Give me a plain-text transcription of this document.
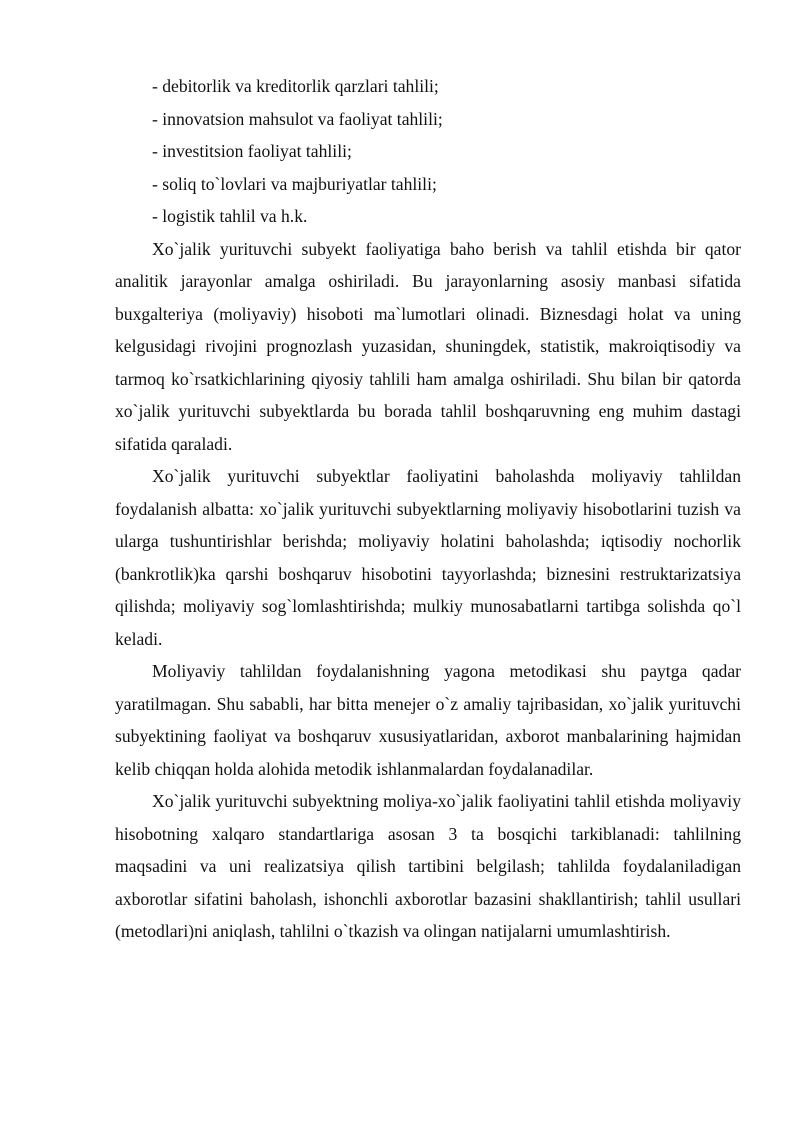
- debitorlik va kreditorlik qarzlari tahlili;

- innovatsion mahsulot va faoliyat tahlili;

- investitsion faoliyat tahlili;

- soliq to`lovlari va majburiyatlar tahlili;

- logistik tahlil va h.k.

Xo`jalik yurituvchi subyekt faoliyatiga baho berish va tahlil etishda bir qator analitik jarayonlar amalga oshiriladi. Bu jarayonlarning asosiy manbasi sifatida buxgalteriya (moliyaviy) hisoboti ma`lumotlari olinadi. Biznesdagi holat va uning kelgusidagi rivojini prognozlash yuzasidan, shuningdek, statistik, makroiqtisodiy va tarmoq ko`rsatkichlarining qiyosiy tahlili ham amalga oshiriladi. Shu bilan bir qatorda xo`jalik yurituvchi subyektlarda bu borada tahlil boshqaruvning eng muhim dastagi sifatida qaraladi.

Xo`jalik yurituvchi subyektlar faoliyatini baholashda moliyaviy tahlildan foydalanish albatta: xo`jalik yurituvchi subyektlarning moliyaviy hisobotlarini tuzish va ularga tushuntirishlar berishda; moliyaviy holatini baholashda; iqtisodiy nochorlik (bankrotlik)ka qarshi boshqaruv hisobotini tayyorlashda; biznesini restruktarizatsiya qilishda; moliyaviy sog`lomlashtirishda; mulkiy munosabatlarni tartibga solishda qo`l keladi.

Moliyaviy tahlildan foydalanishning yagona metodikasi shu paytga qadar yaratilmagan. Shu sababli, har bitta menejer o`z amaliy tajribasidan, xo`jalik yurituvchi subyektining faoliyat va boshqaruv xususiyatlaridan, axborot manbalarining hajmidan kelib chiqqan holda alohida metodik ishlanmalardan foydalanadilar.

Xo`jalik yurituvchi subyektning moliya-xo`jalik faoliyatini tahlil etishda moliyaviy hisobotning xalqaro standartlariga asosan 3 ta bosqichi tarkiblanadi: tahlilning maqsadini va uni realizatsiya qilish tartibini belgilash; tahlilda foydalaniladigan axborotlar sifatini baholash, ishonchli axborotlar bazasini shakllantirish; tahlil usullari (metodlari)ni aniqlash, tahlilni o`tkazish va olingan natijalarni umumlashtirish.
